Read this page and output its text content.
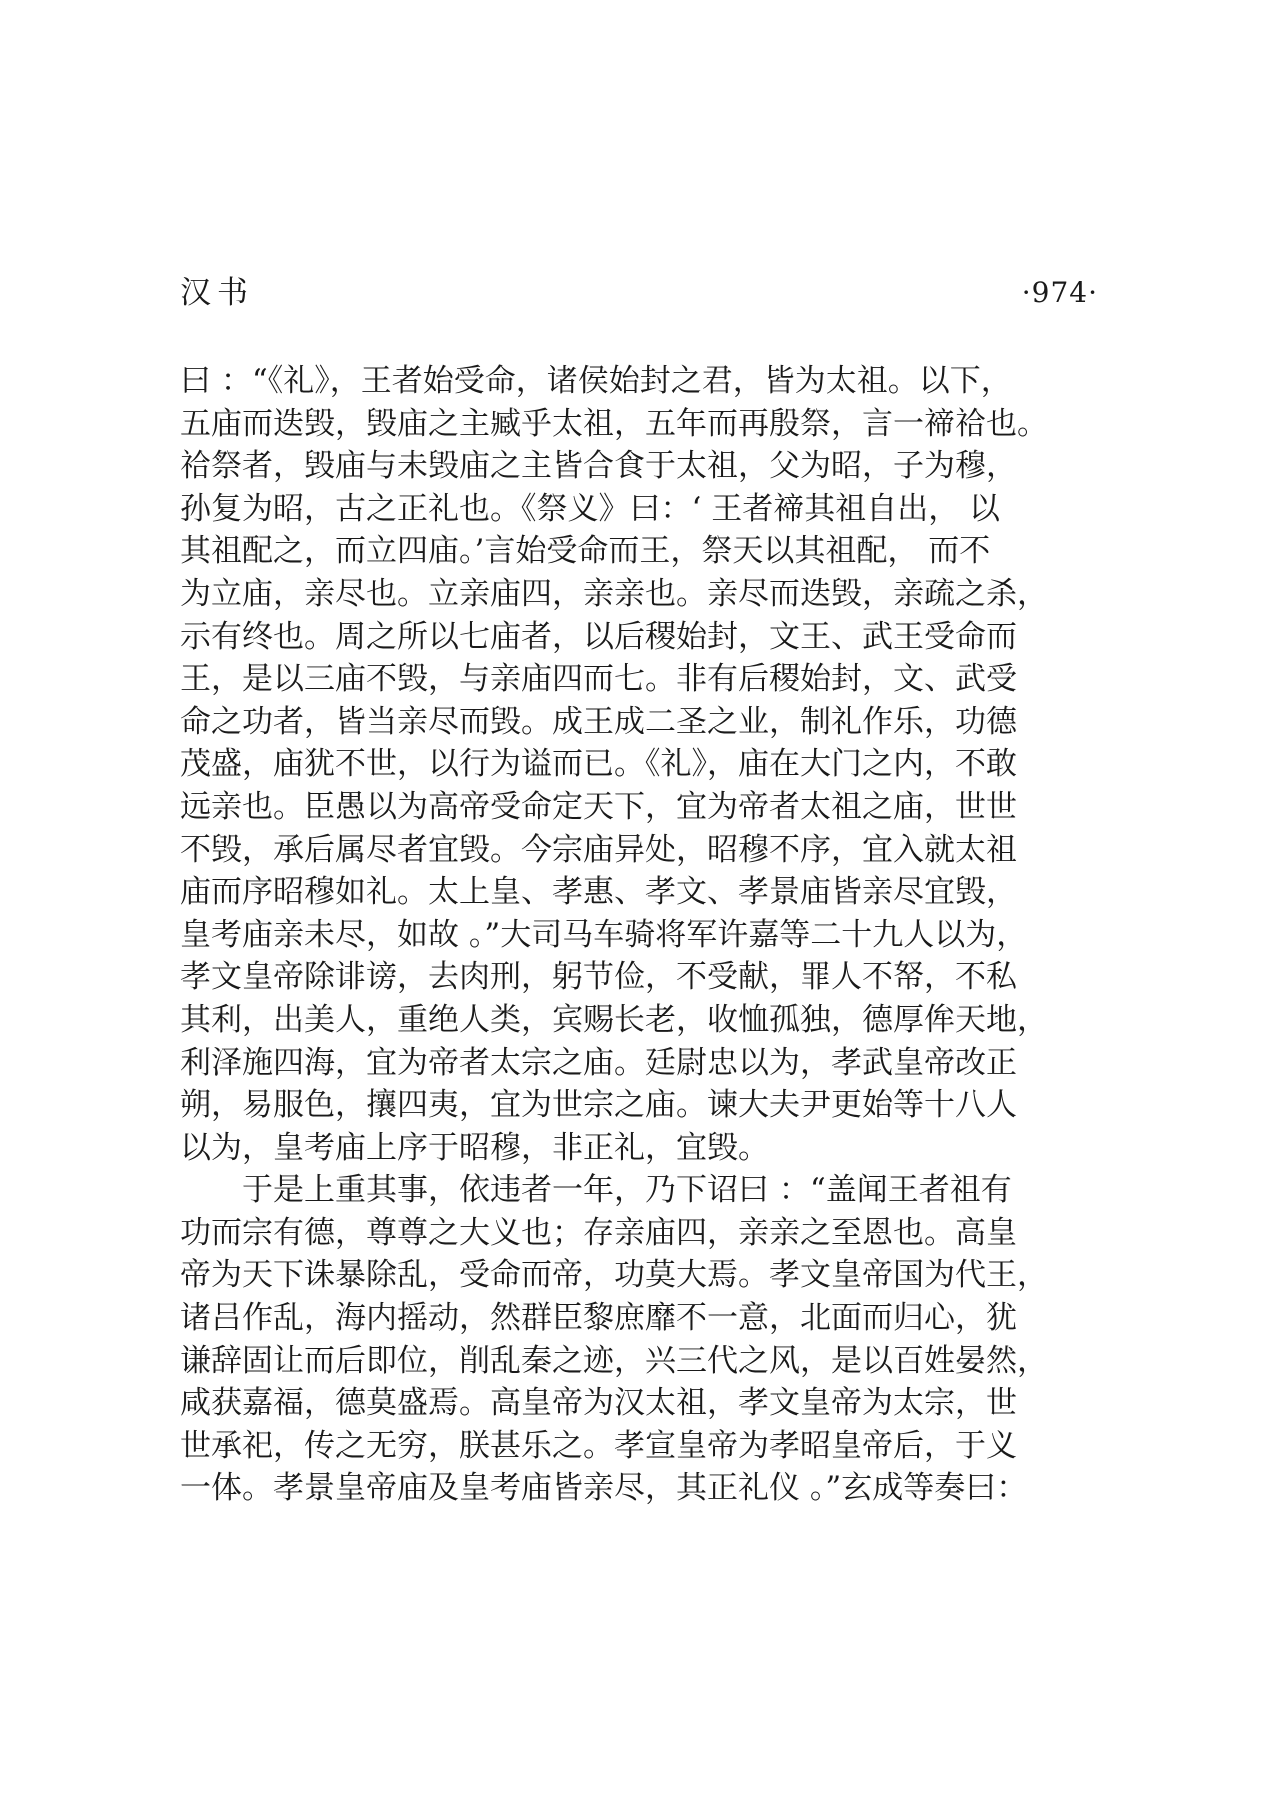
汉书	·974·
曰 ：“《礼》，王者始受命，诸侯始封之君，皆为太祖。以下，
五庙而迭毁，毁庙之主臧乎太祖，五年而再殷祭，言一禘祫也。
祫祭者，毁庙与未毁庙之主皆合食于太祖，父为昭，子为穆，
孙复为昭，古之正礼也。《祭义》曰：‘ 王者禘其祖自出， 以
其祖配之，而立四庙。’言始受命而王，祭天以其祖配， 而不
为立庙，亲尽也。立亲庙四，亲亲也。亲尽而迭毁，亲疏之杀，
示有终也。周之所以七庙者，以后稷始封，文王、武王受命而
王，是以三庙不毁，与亲庙四而七。非有后稷始封，文、武受
命之功者，皆当亲尽而毁。成王成二圣之业，制礼作乐，功德
茂盛，庙犹不世，以行为谥而已。《礼》，庙在大门之内，不敢
远亲也。臣愚以为高帝受命定天下，宜为帝者太祖之庙，世世
不毁，承后属尽者宜毁。今宗庙异处，昭穆不序，宜入就太祖
庙而序昭穆如礼。太上皇、孝惠、孝文、孝景庙皆亲尽宜毁，
皇考庙亲未尽，如故 。”大司马车骑将军许嘉等二十九人以为，
孝文皇帝除诽谤，去肉刑，躬节俭，不受献，罪人不帑，不私
其利，出美人，重绝人类，宾赐长老，收恤孤独，德厚侔天地，
利泽施四海，宜为帝者太宗之庙。廷尉忠以为，孝武皇帝改正
朔，易服色，攘四夷，宜为世宗之庙。谏大夫尹更始等十八人
以为，皇考庙上序于昭穆，非正礼，宜毁。
于是上重其事，依违者一年，乃下诏曰 ：“盖闻王者祖有
功而宗有德，尊尊之大义也；存亲庙四，亲亲之至恩也。高皇
帝为天下诛暴除乱，受命而帝，功莫大焉。孝文皇帝国为代王，
诸吕作乱，海内摇动，然群臣黎庶靡不一意，北面而归心，犹
谦辞固让而后即位，削乱秦之迹，兴三代之风，是以百姓晏然，
咸获嘉福，德莫盛焉。高皇帝为汉太祖，孝文皇帝为太宗，世
世承祀，传之无穷，朕甚乐之。孝宣皇帝为孝昭皇帝后，于义
一体。孝景皇帝庙及皇考庙皆亲尽，其正礼仪 。”玄成等奏曰：
